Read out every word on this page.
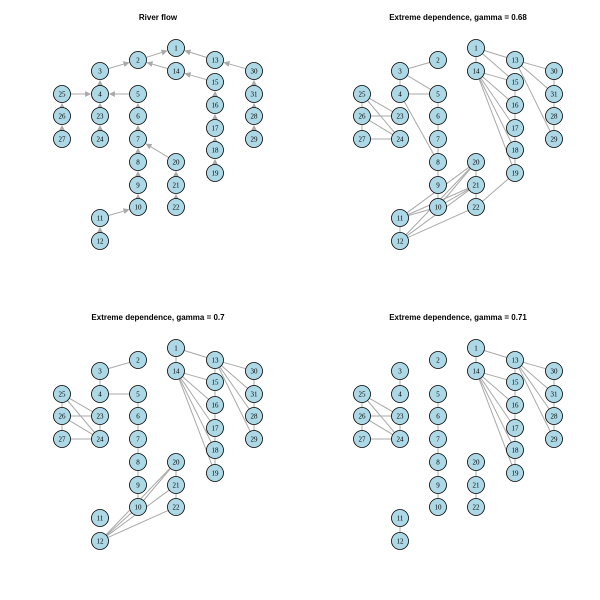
River flow
1
2
3
4	5
6
7
8
9
10
11
12
13
14
15
16
17
18
19
20
21
22
23
24
25
26
27
28
29
30
31
Extreme dependence, gamma = 0.68
1
2
3
4	5
6
7
8
9
10
11
12
13
14
15
16
17
18
19
20
21
22
23
24
25
26
27
28
29
30
31
Extreme dependence, gamma = 0.7
1
2
3
4	5
6
7
8
9
10
11
12
13
14
15
16
17
18
19
20
21
22
23
24
25
26
27
28
29
30
31
Extreme dependence, gamma = 0.71
1
2
3
4	5
6
7
8
9
10
11
12
13
14
15
16
17
18
19
20
21
22
23
24
25
26
27
28
29
30
31
